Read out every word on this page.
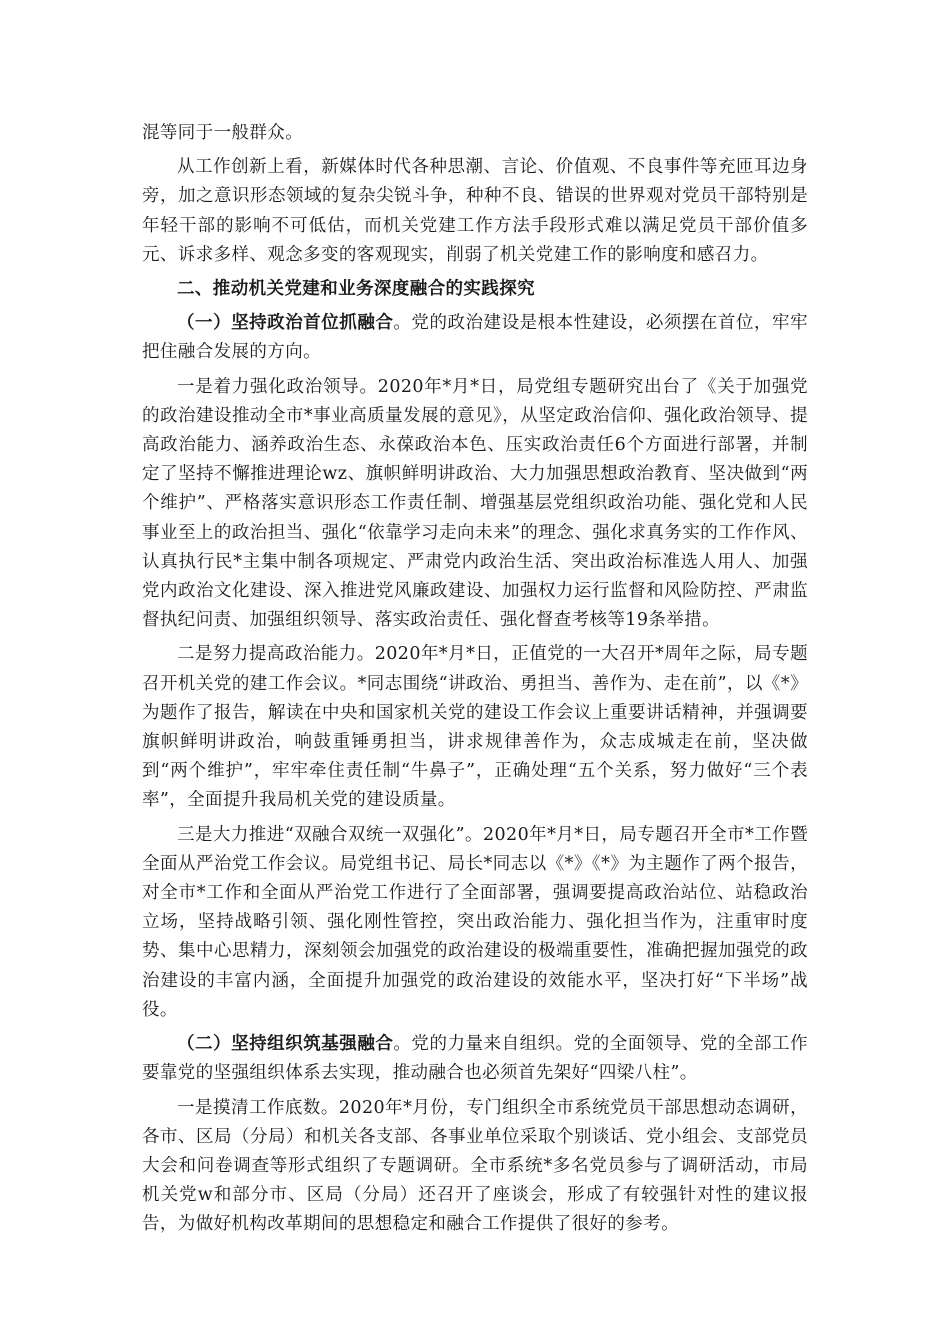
混等同于一般群众。

从工作创新上看，新媒体时代各种思潮、言论、价值观、不良事件等充匝耳边身旁，加之意识形态领域的复杂尖锐斗争，种种不良、错误的世界观对党员干部特别是年轻干部的影响不可低估，而机关党建工作方法手段形式难以满足党员干部价值多元、诉求多样、观念多变的客观现实，削弱了机关党建工作的影响度和感召力。

二、推动机关党建和业务深度融合的实践探究

（一）坚持政治首位抓融合。党的政治建设是根本性建设，必须摆在首位，牢牢把住融合发展的方向。

一是着力强化政治领导。2020年*月*日，局党组专题研究出台了《关于加强党的政治建设推动全市*事业高质量发展的意见》，从坚定政治信仰、强化政治领导、提高政治能力、涵养政治生态、永葆政治本色、压实政治责任6个方面进行部署，并制定了坚持不懈推进理论wz、旗帜鲜明讲政治、大力加强思想政治教育、坚决做到“两个维护”、严格落实意识形态工作责任制、增强基层党组织政治功能、强化党和人民事业至上的政治担当、强化“依靠学习走向未来”的理念、强化求真务实的工作作风、认真执行民*主集中制各项规定、严肃党内政治生活、突出政治标准选人用人、加强党内政治文化建设、深入推进党风廉政建设、加强权力运行监督和风险防控、严肃监督执纪问责、加强组织领导、落实政治责任、强化督查考核等19条举措。

二是努力提高政治能力。2020年*月*日，正值党的一大召开*周年之际，局专题召开机关党的建工作会议。*同志围绕“讲政治、勇担当、善作为、走在前”，以《*》为题作了报告，解读在中央和国家机关党的建设工作会议上重要讲话精神，并强调要旗帜鲜明讲政治，响鼓重锤勇担当，讲求规律善作为，众志成城走在前，坚决做到“两个维护”，牢牢牵住责任制“牛鼻子”，正确处理“五个关系，努力做好“三个表率”，全面提升我局机关党的建设质量。

三是大力推进“双融合双统一双强化”。2020年*月*日，局专题召开全市*工作暨全面从严治党工作会议。局党组书记、局长*同志以《*》《*》为主题作了两个报告，对全市*工作和全面从严治党工作进行了全面部署，强调要提高政治站位、站稳政治立场，坚持战略引领、强化刚性管控，突出政治能力、强化担当作为，注重审时度势、集中心思精力，深刻领会加强党的政治建设的极端重要性，准确把握加强党的政治建设的丰富内涵，全面提升加强党的政治建设的效能水平，坚决打好“下半场”战役。

（二）坚持组织筑基强融合。党的力量来自组织。党的全面领导、党的全部工作要靠党的坚强组织体系去实现，推动融合也必须首先架好“四梁八柱”。

一是摸清工作底数。2020年*月份，专门组织全市系统党员干部思想动态调研，各市、区局（分局）和机关各支部、各事业单位采取个别谈话、党小组会、支部党员大会和问卷调查等形式组织了专题调研。全市系统*多名党员参与了调研活动，市局机关党w和部分市、区局（分局）还召开了座谈会，形成了有较强针对性的建议报告，为做好机构改革期间的思想稳定和融合工作提供了很好的参考。
